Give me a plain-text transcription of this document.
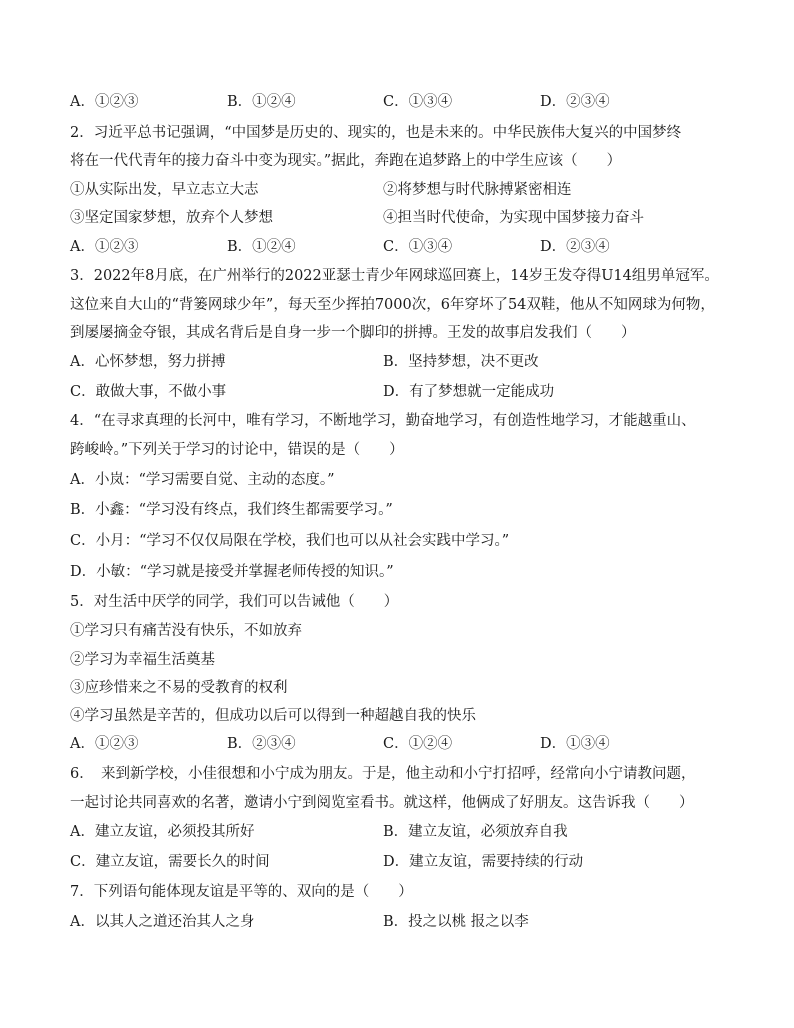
A．①②③	B．①②④	C．①③④	D．②③④
2．习近平总书记强调，“中国梦是历史的、现实的，也是未来的。中华民族伟大复兴的中国梦终
将在一代代青年的接力奋斗中变为现实。”据此，奔跑在追梦路上的中学生应该（　　）
①从实际出发，早立志立大志	②将梦想与时代脉搏紧密相连
③坚定国家梦想，放弃个人梦想	④担当时代使命，为实现中国梦接力奋斗
A．①②③	B．①②④	C．①③④	D．②③④
3．2022年8月底，在广州举行的2022亚瑟士青少年网球巡回赛上，14岁王发夺得U14组男单冠军。
这位来自大山的“背篓网球少年”，每天至少挥拍7000次，6年穿坏了54双鞋，他从不知网球为何物，
到屡屡摘金夺银，其成名背后是自身一步一个脚印的拼搏。王发的故事启发我们（　　）
A．心怀梦想，努力拼搏	B．坚持梦想，决不更改
C．敢做大事，不做小事	D．有了梦想就一定能成功
4．“在寻求真理的长河中，唯有学习，不断地学习，勤奋地学习，有创造性地学习，才能越重山、
跨峻岭。”下列关于学习的讨论中，错误的是（　　）
A．小岚：“学习需要自觉、主动的态度。”
B．小鑫：“学习没有终点，我们终生都需要学习。”
C．小月：“学习不仅仅局限在学校，我们也可以从社会实践中学习。”
D．小敏：“学习就是接受并掌握老师传授的知识。”
5．对生活中厌学的同学，我们可以告诫他（　　）
①学习只有痛苦没有快乐，不如放弃
②学习为幸福生活奠基
③应珍惜来之不易的受教育的权利
④学习虽然是辛苦的，但成功以后可以得到一种超越自我的快乐
A．①②③	B．②③④	C．①②④	D．①③④
6．　来到新学校，小佳很想和小宁成为朋友。于是，他主动和小宁打招呼，经常向小宁请教问题，
一起讨论共同喜欢的名著，邀请小宁到阅览室看书。就这样，他俩成了好朋友。这告诉我（　　）
A．建立友谊，必须投其所好	B．建立友谊，必须放弃自我
C．建立友谊，需要长久的时间	D．建立友谊，需要持续的行动
7．下列语句能体现友谊是平等的、双向的是（　　）
A．以其人之道还治其人之身	B．投之以桃 报之以李
